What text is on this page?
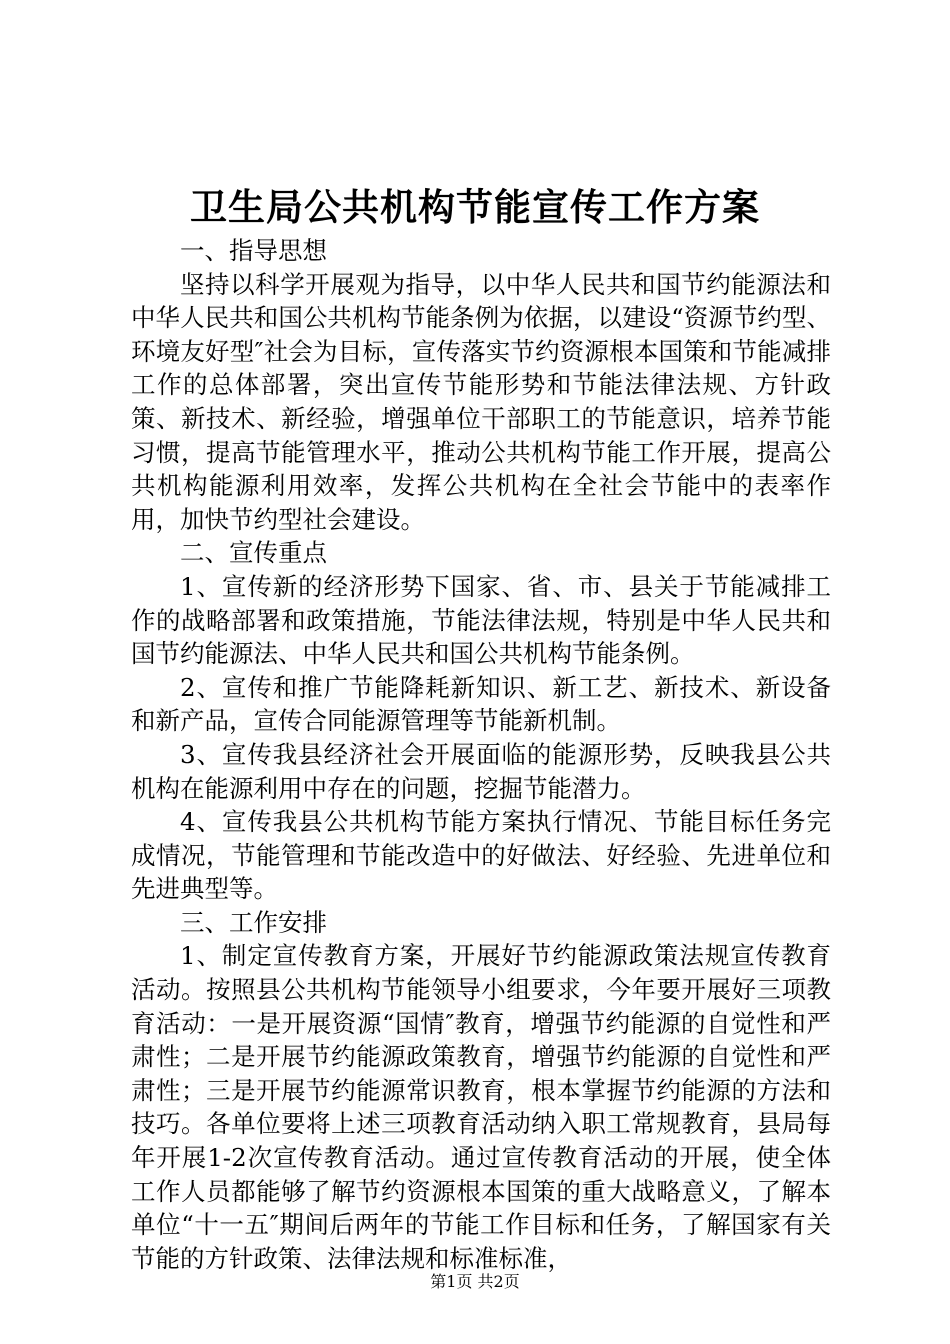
卫生局公共机构节能宣传工作方案

一、指导思想

坚持以科学开展观为指导，以中华人民共和国节约能源法和中华人民共和国公共机构节能条例为依据，以建设“资源节约型、环境友好型″社会为目标，宣传落实节约资源根本国策和节能减排工作的总体部署，突出宣传节能形势和节能法律法规、方针政策、新技术、新经验，增强单位干部职工的节能意识，培养节能习惯，提高节能管理水平，推动公共机构节能工作开展，提高公共机构能源利用效率，发挥公共机构在全社会节能中的表率作用，加快节约型社会建设。

二、宣传重点

1、宣传新的经济形势下国家、省、市、县关于节能减排工作的战略部署和政策措施，节能法律法规，特别是中华人民共和国节约能源法、中华人民共和国公共机构节能条例。

2、宣传和推广节能降耗新知识、新工艺、新技术、新设备和新产品，宣传合同能源管理等节能新机制。

3、宣传我县经济社会开展面临的能源形势，反映我县公共机构在能源利用中存在的问题，挖掘节能潜力。

4、宣传我县公共机构节能方案执行情况、节能目标任务完成情况，节能管理和节能改造中的好做法、好经验、先进单位和先进典型等。

三、工作安排

1、制定宣传教育方案，开展好节约能源政策法规宣传教育活动。按照县公共机构节能领导小组要求，今年要开展好三项教育活动：一是开展资源“国情″教育，增强节约能源的自觉性和严肃性；二是开展节约能源政策教育，增强节约能源的自觉性和严肃性；三是开展节约能源常识教育，根本掌握节约能源的方法和技巧。各单位要将上述三项教育活动纳入职工常规教育，县局每年开展1-2次宣传教育活动。通过宣传教育活动的开展，使全体工作人员都能够了解节约资源根本国策的重大战略意义，了解本单位“十一五″期间后两年的节能工作目标和任务，了解国家有关节能的方针政策、法律法规和标准标准，

第1页 共2页
